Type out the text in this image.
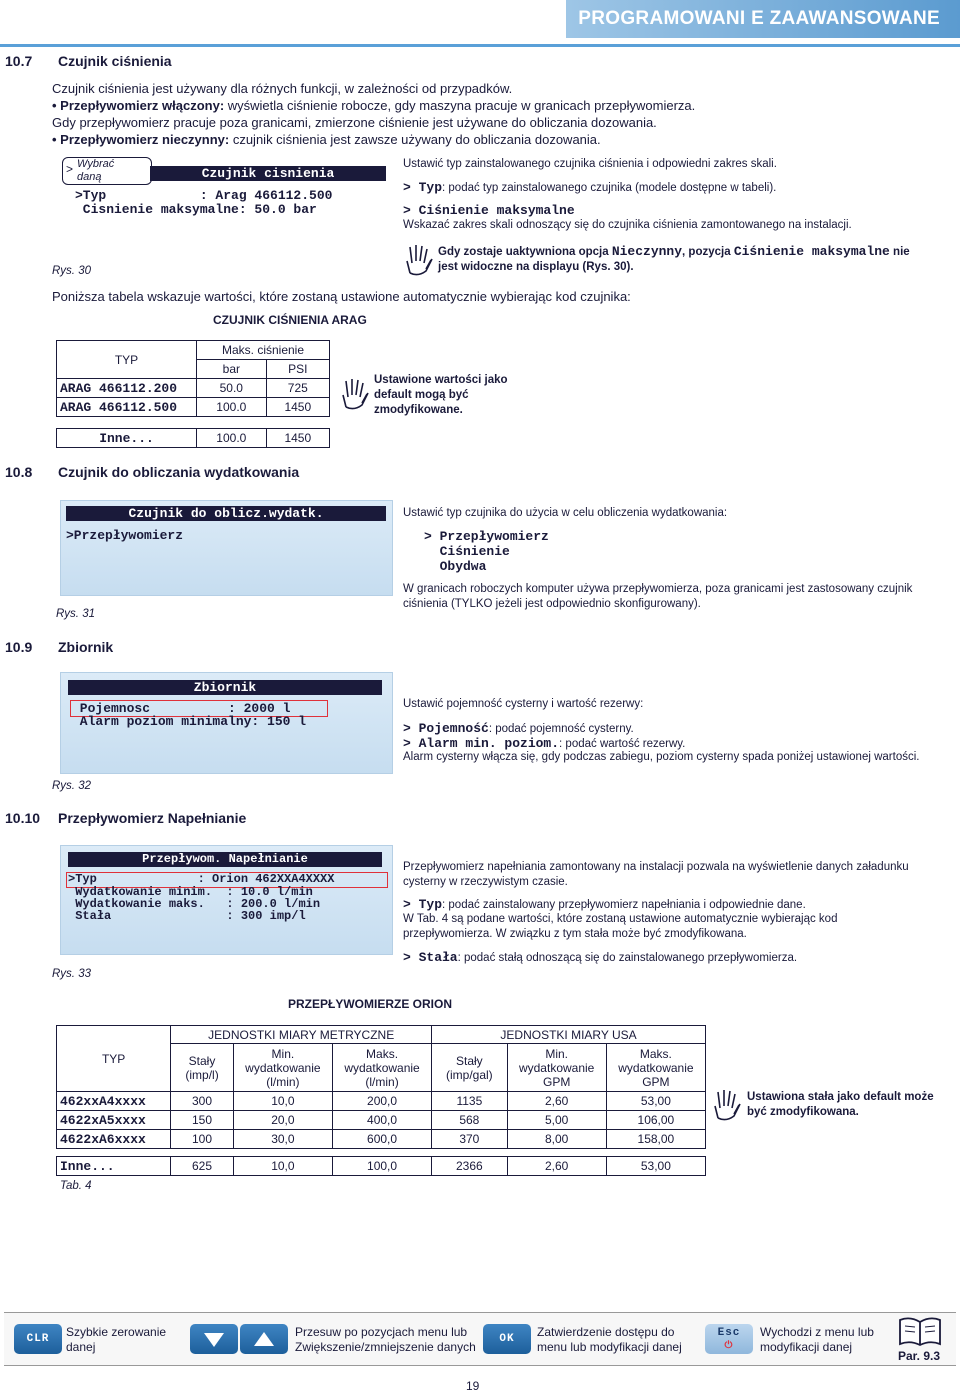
PROGRAMOWANI E ZAAWANSOWANE
10.7 Czujnik ciśnienia
Czujnik ciśnienia jest używany dla różnych funkcji, w zależności od przypadków.
• Przepływomierz włączony: wyświetla ciśnienie robocze, gdy maszyna pracuje w granicach przepływomierza.
Gdy przepływomierz pracuje poza granicami, zmierzone ciśnienie jest używane do obliczania dozowania.
• Przepływomierz nieczynny: czujnik ciśnienia jest zawsze używany do obliczania dozowania.
> Wybrać daną	Czujnik cisnienia
>Typ            : Arag 466112.500
Cisnienie maksymalne: 50.0 bar
Rys. 30
Ustawić typ zainstalowanego czujnika ciśnienia i odpowiedni zakres skali.
> Typ: podać typ zainstalowanego czujnika (modele dostępne w tabeli).
> Ciśnienie maksymalne
Wskazać zakres skali odnoszący się do czujnika ciśnienia zamontowanego na instalacji.
Gdy zostaje uaktywniona opcja Nieczynny, pozycja Ciśnienie maksymalne nie
jest widoczne na displayu (Rys. 30).
Poniższa tabela wskazuje wartości, które zostaną ustawione automatycznie wybierając kod czujnika:
CZUJNIK CIŚNIENIA ARAG
TYP	Maks. ciśnienie	
	bar	PSI
ARAG 466112.200	50.0	725
ARAG 466112.500	100.0	1450
Inne...	100.0	1450
Ustawione wartości jako default mogą być zmodyfikowane.
10.8 Czujnik do obliczania wydatkowania
Czujnik do oblicz.wydatk.
>Przepływomierz
Rys. 31
Ustawić typ czujnika do użycia w celu obliczenia wydatkowania:
> Przepływomierz
Ciśnienie
Obydwa
W granicach roboczych komputer używa przepływomierza, poza granicami jest zastosowany czujnik
ciśnienia (TYLKO jeżeli jest odpowiednio skonfigurowany).
10.9 Zbiornik
Zbiornik
Pojemnosc          : 2000 l
Alarm poziom minimalny: 150 l
Rys. 32
Ustawić pojemność cysterny i wartość rezerwy:
> Pojemność: podać pojemność cysterny.
> Alarm min. poziom.: podać wartość rezerwy.
Alarm cysterny włącza się, gdy podczas zabiegu, poziom cysterny spada poniżej ustawionej wartości.
10.10 Przepływomierz Napełnianie
Przepływom. Napełnianie
>Typ              : Orion 462XXA4XXXX
Wydatkowanie minim.  : 10.0 l/min
Wydatkowanie maks.   : 200.0 l/min
Stała                : 300 imp/l
Rys. 33
Przepływomierz napełniania zamontowany na instalacji pozwala na wyświetlenie danych załadunku
cysterny w rzeczywistym czasie.
> Typ: podać zainstalowany przepływomierz napełniania i odpowiednie dane.
W Tab. 4 są podane wartości, które zostaną ustawione automatycznie wybierając kod
przepływomierza. W związku z tym stała może być zmodyfikowana.
> Stała: podać stałą odnoszącą się do zainstalowanego przepływomierza.
PRZEPŁYWOMIERZE ORION
TYP	JEDNOSTKI MIARY METRYCZNE			JEDNOSTKI MIARY USA		
	Stały (imp/l)	Min. wydatkowanie (l/min)	Maks. wydatkowanie (l/min)	Stały (imp/gal)	Min. wydatkowanie GPM	Maks. wydatkowanie GPM
462xxA4xxxx	300	10,0	200,0	1135	2,60	53,00
4622xA5xxxx	150	20,0	400,0	568	5,00	106,00
4622xA6xxxx	100	30,0	600,0	370	8,00	158,00
Inne...	625	10,0	100,0	2366	2,60	53,00
Tab. 4
Ustawiona stała jako default może być zmodyfikowana.
CLR	Szybkie zerowanie danej
Przesuw po pozycjach menu lub
Zwiększenie/zmniejszenie danych
OK	Zatwierdzenie dostępu do
menu lub modyfikacji danej
Esc
⏻
Wychodzi z menu lub
modyfikacji danej
Par. 9.3
19
